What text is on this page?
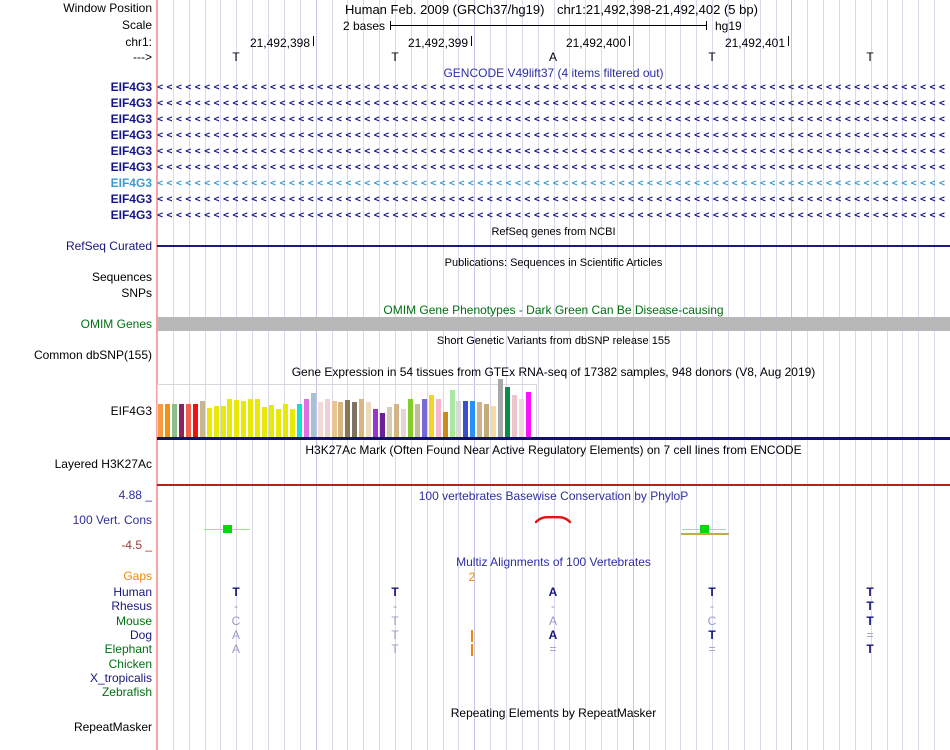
Window Position	Human Feb. 2009 (GRCh37/hg19) chr1:21,492,398-21,492,402 (5 bp)
Scale	2 bases	hg19
chr1:	21,492,398	21,492,399	21,492,400	21,492,401
--->	T	T	A	T	T
GENCODE V49lift37 (4 items filtered out)
EIF4G3 <<<<<<<<<<<<<<<<<<<<<<<<<<<<<<<<<<<<<<<<<<<<<<<<<<<<<<<<<<<<<<<<<<<<<<<<<<<<<<<<<<<<
EIF4G3 <<<<<<<<<<<<<<<<<<<<<<<<<<<<<<<<<<<<<<<<<<<<<<<<<<<<<<<<<<<<<<<<<<<<<<<<<<<<<<<<<<<<
EIF4G3 <<<<<<<<<<<<<<<<<<<<<<<<<<<<<<<<<<<<<<<<<<<<<<<<<<<<<<<<<<<<<<<<<<<<<<<<<<<<<<<<<<<<
EIF4G3 <<<<<<<<<<<<<<<<<<<<<<<<<<<<<<<<<<<<<<<<<<<<<<<<<<<<<<<<<<<<<<<<<<<<<<<<<<<<<<<<<<<<
EIF4G3 <<<<<<<<<<<<<<<<<<<<<<<<<<<<<<<<<<<<<<<<<<<<<<<<<<<<<<<<<<<<<<<<<<<<<<<<<<<<<<<<<<<<
EIF4G3 <<<<<<<<<<<<<<<<<<<<<<<<<<<<<<<<<<<<<<<<<<<<<<<<<<<<<<<<<<<<<<<<<<<<<<<<<<<<<<<<<<<<
EIF4G3 <<<<<<<<<<<<<<<<<<<<<<<<<<<<<<<<<<<<<<<<<<<<<<<<<<<<<<<<<<<<<<<<<<<<<<<<<<<<<<<<<<<<
EIF4G3 <<<<<<<<<<<<<<<<<<<<<<<<<<<<<<<<<<<<<<<<<<<<<<<<<<<<<<<<<<<<<<<<<<<<<<<<<<<<<<<<<<<<
EIF4G3 <<<<<<<<<<<<<<<<<<<<<<<<<<<<<<<<<<<<<<<<<<<<<<<<<<<<<<<<<<<<<<<<<<<<<<<<<<<<<<<<<<<<
RefSeq genes from NCBI
RefSeq Curated
Publications: Sequences in Scientific Articles
Sequences
SNPs
OMIM Gene Phenotypes - Dark Green Can Be Disease-causing
OMIM Genes
Short Genetic Variants from dbSNP release 155
Common dbSNP(155)
Gene Expression in 54 tissues from GTEx RNA-seq of 17382 samples, 948 donors (V8, Aug 2019)
EIF4G3
H3K27Ac Mark (Often Found Near Active Regulatory Elements) on 7 cell lines from ENCODE
Layered H3K27Ac
4.88 _	100 vertebrates Basewise Conservation by PhyloP
100 Vert. Cons
-4.5 _
Multiz Alignments of 100 Vertebrates
Gaps	2
Human	T	T	A	T	T
Rhesus	-	-	-	-	T
Mouse	C	T	A	C	T
Dog	A	T	A	T	=
Elephant	A	T	=	=	T
Chicken
X_tropicalis
Zebrafish
Repeating Elements by RepeatMasker
RepeatMasker
